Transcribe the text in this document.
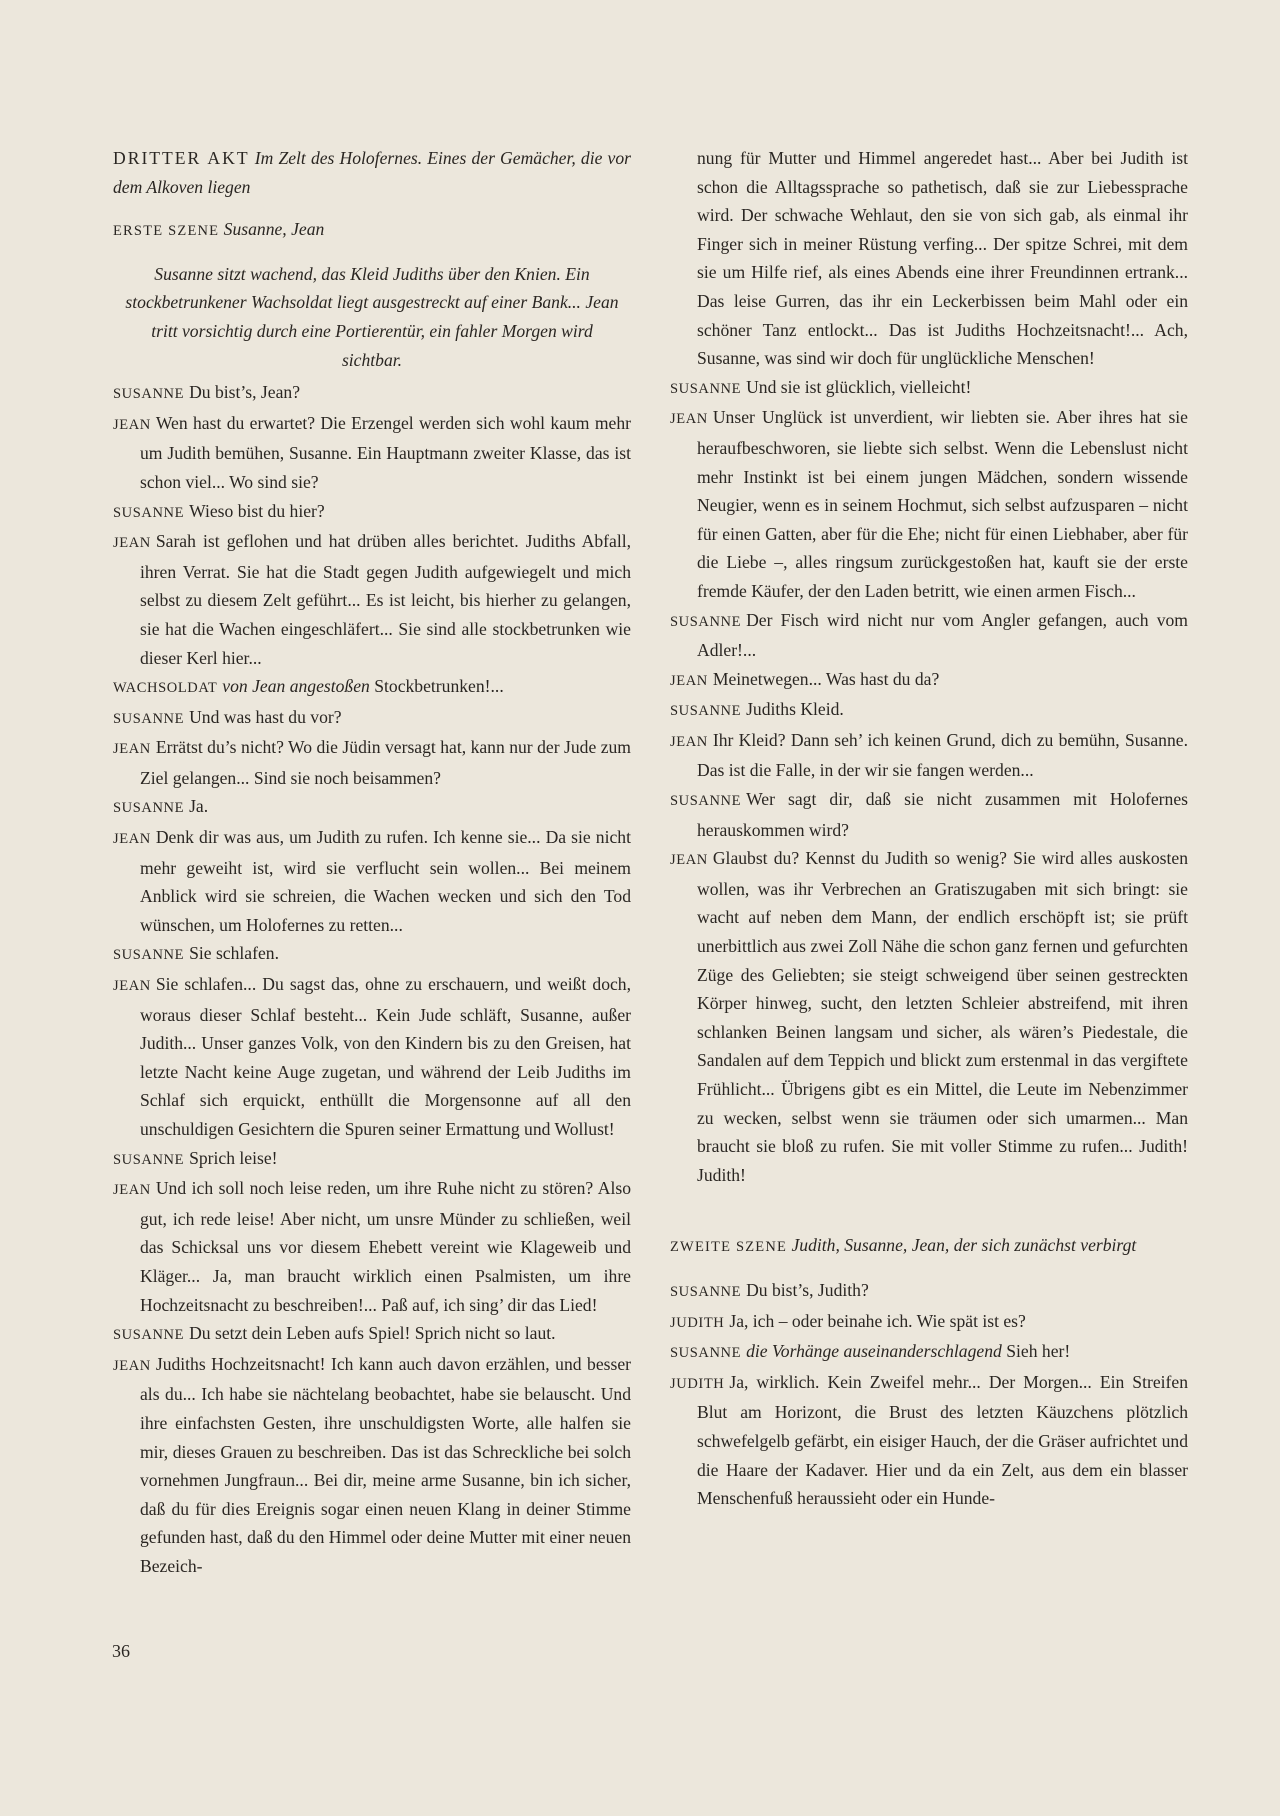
DRITTER AKT Im Zelt des Holofernes. Eines der Gemächer, die vor dem Alkoven liegen

ERSTE SZENE Susanne, Jean

Susanne sitzt wachend, das Kleid Judiths über den Knien. Ein stockbetrunkener Wachsoldat liegt ausgestreckt auf einer Bank... Jean tritt vorsichtig durch eine Portierentür, ein fahler Morgen wird sichtbar.

SUSANNE Du bist’s, Jean?

JEAN Wen hast du erwartet? Die Erzengel werden sich wohl kaum mehr um Judith bemühen, Susanne. Ein Hauptmann zweiter Klasse, das ist schon viel... Wo sind sie?

SUSANNE Wieso bist du hier?

JEAN Sarah ist geflohen und hat drüben alles berichtet. Judiths Abfall, ihren Verrat. Sie hat die Stadt gegen Judith aufgewiegelt und mich selbst zu diesem Zelt geführt... Es ist leicht, bis hierher zu gelangen, sie hat die Wachen eingeschläfert... Sie sind alle stockbetrunken wie dieser Kerl hier...

WACHSOLDAT von Jean angestoßen Stockbetrunken!...

SUSANNE Und was hast du vor?

JEAN Errätst du’s nicht? Wo die Jüdin versagt hat, kann nur der Jude zum Ziel gelangen... Sind sie noch beisammen?

SUSANNE Ja.

JEAN Denk dir was aus, um Judith zu rufen. Ich kenne sie... Da sie nicht mehr geweiht ist, wird sie verflucht sein wollen... Bei meinem Anblick wird sie schreien, die Wachen wecken und sich den Tod wünschen, um Holofernes zu retten...

SUSANNE Sie schlafen.

JEAN Sie schlafen... Du sagst das, ohne zu erschauern, und weißt doch, woraus dieser Schlaf besteht... Kein Jude schläft, Susanne, außer Judith... Unser ganzes Volk, von den Kindern bis zu den Greisen, hat letzte Nacht keine Auge zugetan, und während der Leib Judiths im Schlaf sich erquickt, enthüllt die Morgensonne auf all den unschuldigen Gesichtern die Spuren seiner Ermattung und Wollust!

SUSANNE Sprich leise!

JEAN Und ich soll noch leise reden, um ihre Ruhe nicht zu stören? Also gut, ich rede leise! Aber nicht, um unsre Münder zu schließen, weil das Schicksal uns vor diesem Ehebett vereint wie Klageweib und Kläger... Ja, man braucht wirklich einen Psalmisten, um ihre Hochzeitsnacht zu beschreiben!... Paß auf, ich sing’ dir das Lied!

SUSANNE Du setzt dein Leben aufs Spiel! Sprich nicht so laut.

JEAN Judiths Hochzeitsnacht! Ich kann auch davon erzählen, und besser als du... Ich habe sie nächtelang beobachtet, habe sie belauscht. Und ihre einfachsten Gesten, ihre unschuldigsten Worte, alle halfen sie mir, dieses Grauen zu beschreiben. Das ist das Schreckliche bei solch vornehmen Jungfraun... Bei dir, meine arme Susanne, bin ich sicher, daß du für dies Ereignis sogar einen neuen Klang in deiner Stimme gefunden hast, daß du den Himmel oder deine Mutter mit einer neuen Bezeich-

nung für Mutter und Himmel angeredet hast... Aber bei Judith ist schon die Alltagssprache so pathetisch, daß sie zur Liebessprache wird. Der schwache Wehlaut, den sie von sich gab, als einmal ihr Finger sich in meiner Rüstung verfing... Der spitze Schrei, mit dem sie um Hilfe rief, als eines Abends eine ihrer Freundinnen ertrank... Das leise Gurren, das ihr ein Leckerbissen beim Mahl oder ein schöner Tanz entlockt... Das ist Judiths Hochzeitsnacht!... Ach, Susanne, was sind wir doch für unglückliche Menschen!

SUSANNE Und sie ist glücklich, vielleicht!

JEAN Unser Unglück ist unverdient, wir liebten sie. Aber ihres hat sie heraufbeschworen, sie liebte sich selbst. Wenn die Lebenslust nicht mehr Instinkt ist bei einem jungen Mädchen, sondern wissende Neugier, wenn es in seinem Hochmut, sich selbst aufzusparen – nicht für einen Gatten, aber für die Ehe; nicht für einen Liebhaber, aber für die Liebe –, alles ringsum zurückgestoßen hat, kauft sie der erste fremde Käufer, der den Laden betritt, wie einen armen Fisch...

SUSANNE Der Fisch wird nicht nur vom Angler gefangen, auch vom Adler!...

JEAN Meinetwegen... Was hast du da?

SUSANNE Judiths Kleid.

JEAN Ihr Kleid? Dann seh’ ich keinen Grund, dich zu bemühn, Susanne. Das ist die Falle, in der wir sie fangen werden...

SUSANNE Wer sagt dir, daß sie nicht zusammen mit Holofernes herauskommen wird?

JEAN Glaubst du? Kennst du Judith so wenig? Sie wird alles auskosten wollen, was ihr Verbrechen an Gratiszugaben mit sich bringt: sie wacht auf neben dem Mann, der endlich erschöpft ist; sie prüft unerbittlich aus zwei Zoll Nähe die schon ganz fernen und gefurchten Züge des Geliebten; sie steigt schweigend über seinen gestreckten Körper hinweg, sucht, den letzten Schleier abstreifend, mit ihren schlanken Beinen langsam und sicher, als wären’s Piedestale, die Sandalen auf dem Teppich und blickt zum erstenmal in das vergiftete Frühlicht... Übrigens gibt es ein Mittel, die Leute im Nebenzimmer zu wecken, selbst wenn sie träumen oder sich umarmen... Man braucht sie bloß zu rufen. Sie mit voller Stimme zu rufen... Judith! Judith!

ZWEITE SZENE Judith, Susanne, Jean, der sich zunächst verbirgt

SUSANNE Du bist’s, Judith?

JUDITH Ja, ich – oder beinahe ich. Wie spät ist es?

SUSANNE die Vorhänge auseinanderschlagend Sieh her!

JUDITH Ja, wirklich. Kein Zweifel mehr... Der Morgen... Ein Streifen Blut am Horizont, die Brust des letzten Käuzchens plötzlich schwefelgelb gefärbt, ein eisiger Hauch, der die Gräser aufrichtet und die Haare der Kadaver. Hier und da ein Zelt, aus dem ein blasser Menschenfuß heraussieht oder ein Hunde-

36
